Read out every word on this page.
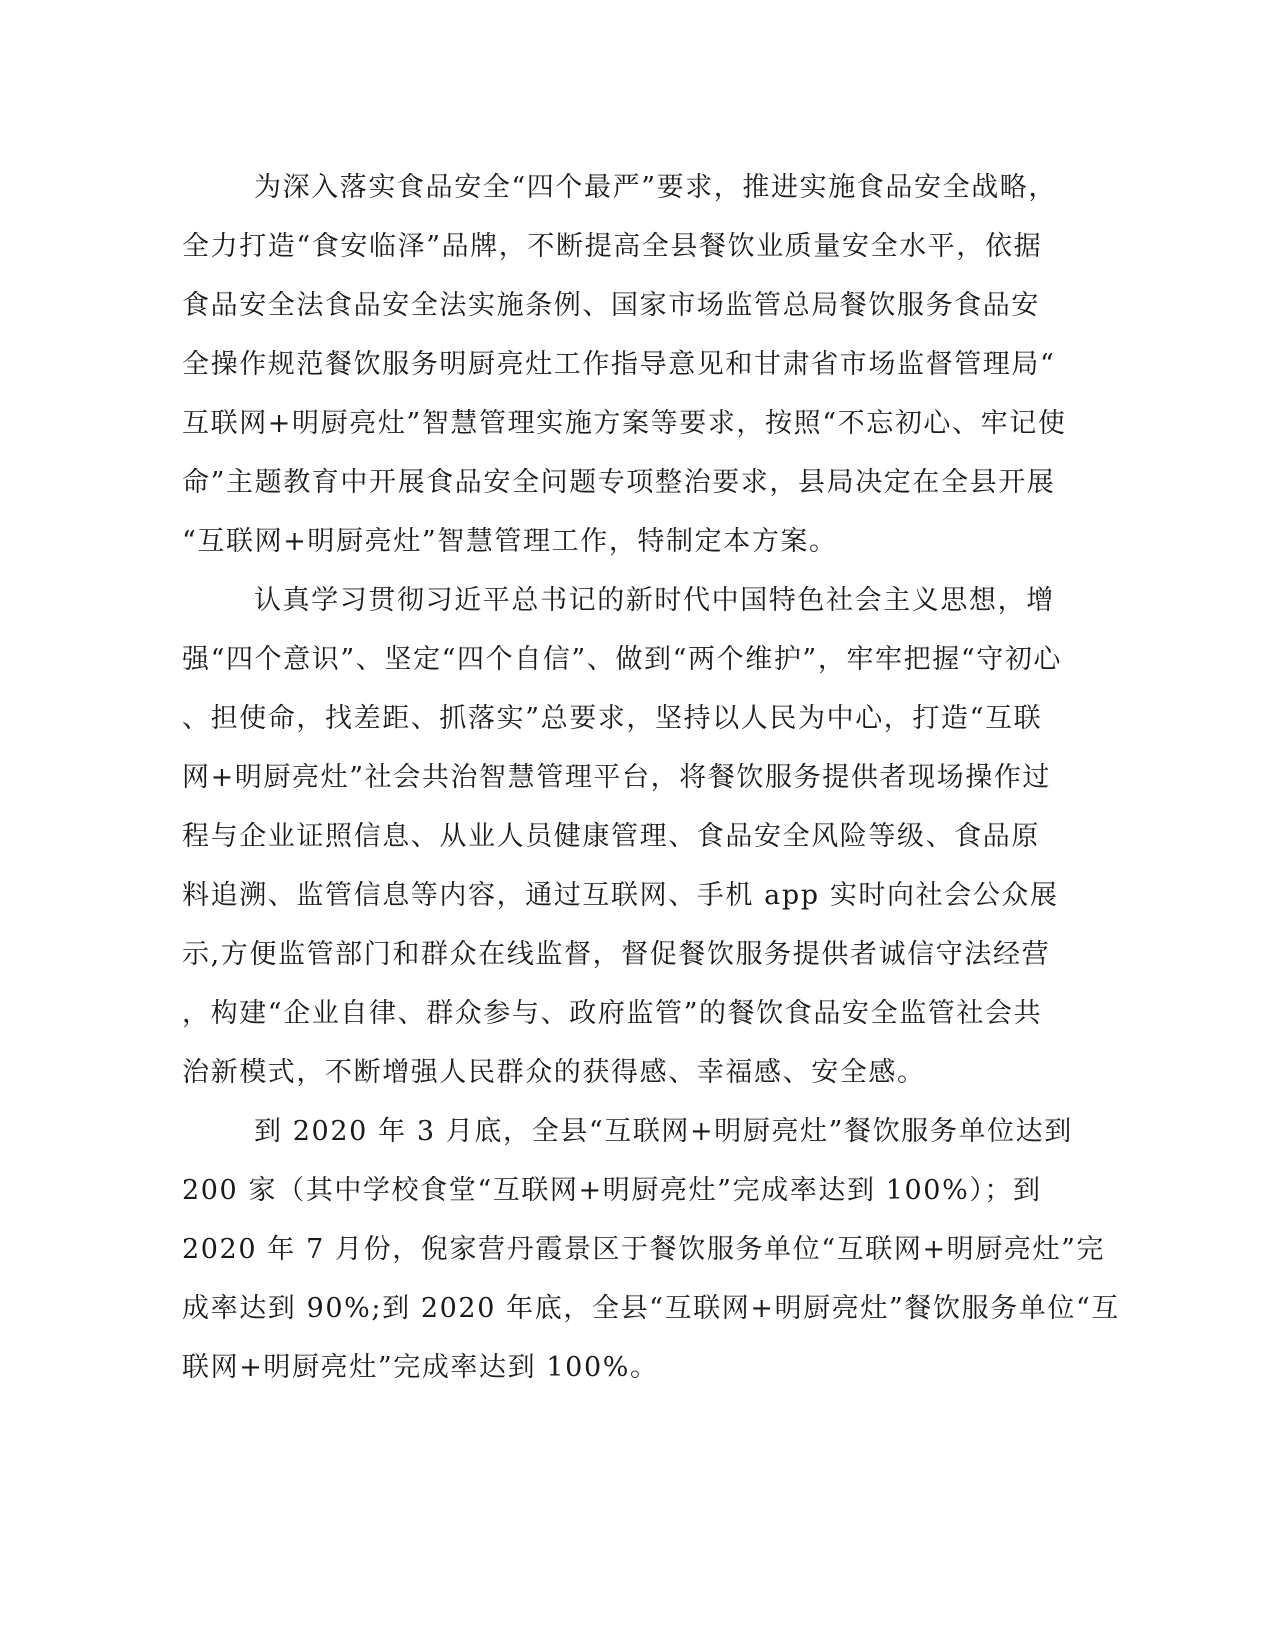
为深入落实食品安全“四个最严”要求，推进实施食品安全战略，
全力打造“食安临泽”品牌，不断提高全县餐饮业质量安全水平，依据
食品安全法食品安全法实施条例、国家市场监管总局餐饮服务食品安
全操作规范餐饮服务明厨亮灶工作指导意见和甘肃省市场监督管理局“
互联网+明厨亮灶”智慧管理实施方案等要求，按照“不忘初心、牢记使
命”主题教育中开展食品安全问题专项整治要求，县局决定在全县开展
“互联网+明厨亮灶”智慧管理工作，特制定本方案。

认真学习贯彻习近平总书记的新时代中国特色社会主义思想，增
强“四个意识”、坚定“四个自信”、做到“两个维护”，牢牢把握“守初心
、担使命，找差距、抓落实”总要求，坚持以人民为中心，打造“互联
网+明厨亮灶”社会共治智慧管理平台，将餐饮服务提供者现场操作过
程与企业证照信息、从业人员健康管理、食品安全风险等级、食品原
料追溯、监管信息等内容，通过互联网、手机 app 实时向社会公众展
示,方便监管部门和群众在线监督，督促餐饮服务提供者诚信守法经营
，构建“企业自律、群众参与、政府监管”的餐饮食品安全监管社会共
治新模式，不断增强人民群众的获得感、幸福感、安全感。

到 2020 年 3 月底，全县“互联网+明厨亮灶”餐饮服务单位达到
200 家（其中学校食堂“互联网+明厨亮灶”完成率达到 100%）；到
2020 年 7 月份，倪家营丹霞景区于餐饮服务单位“互联网+明厨亮灶”完
成率达到 90%;到 2020 年底，全县“互联网+明厨亮灶”餐饮服务单位“互
联网+明厨亮灶”完成率达到 100%。
